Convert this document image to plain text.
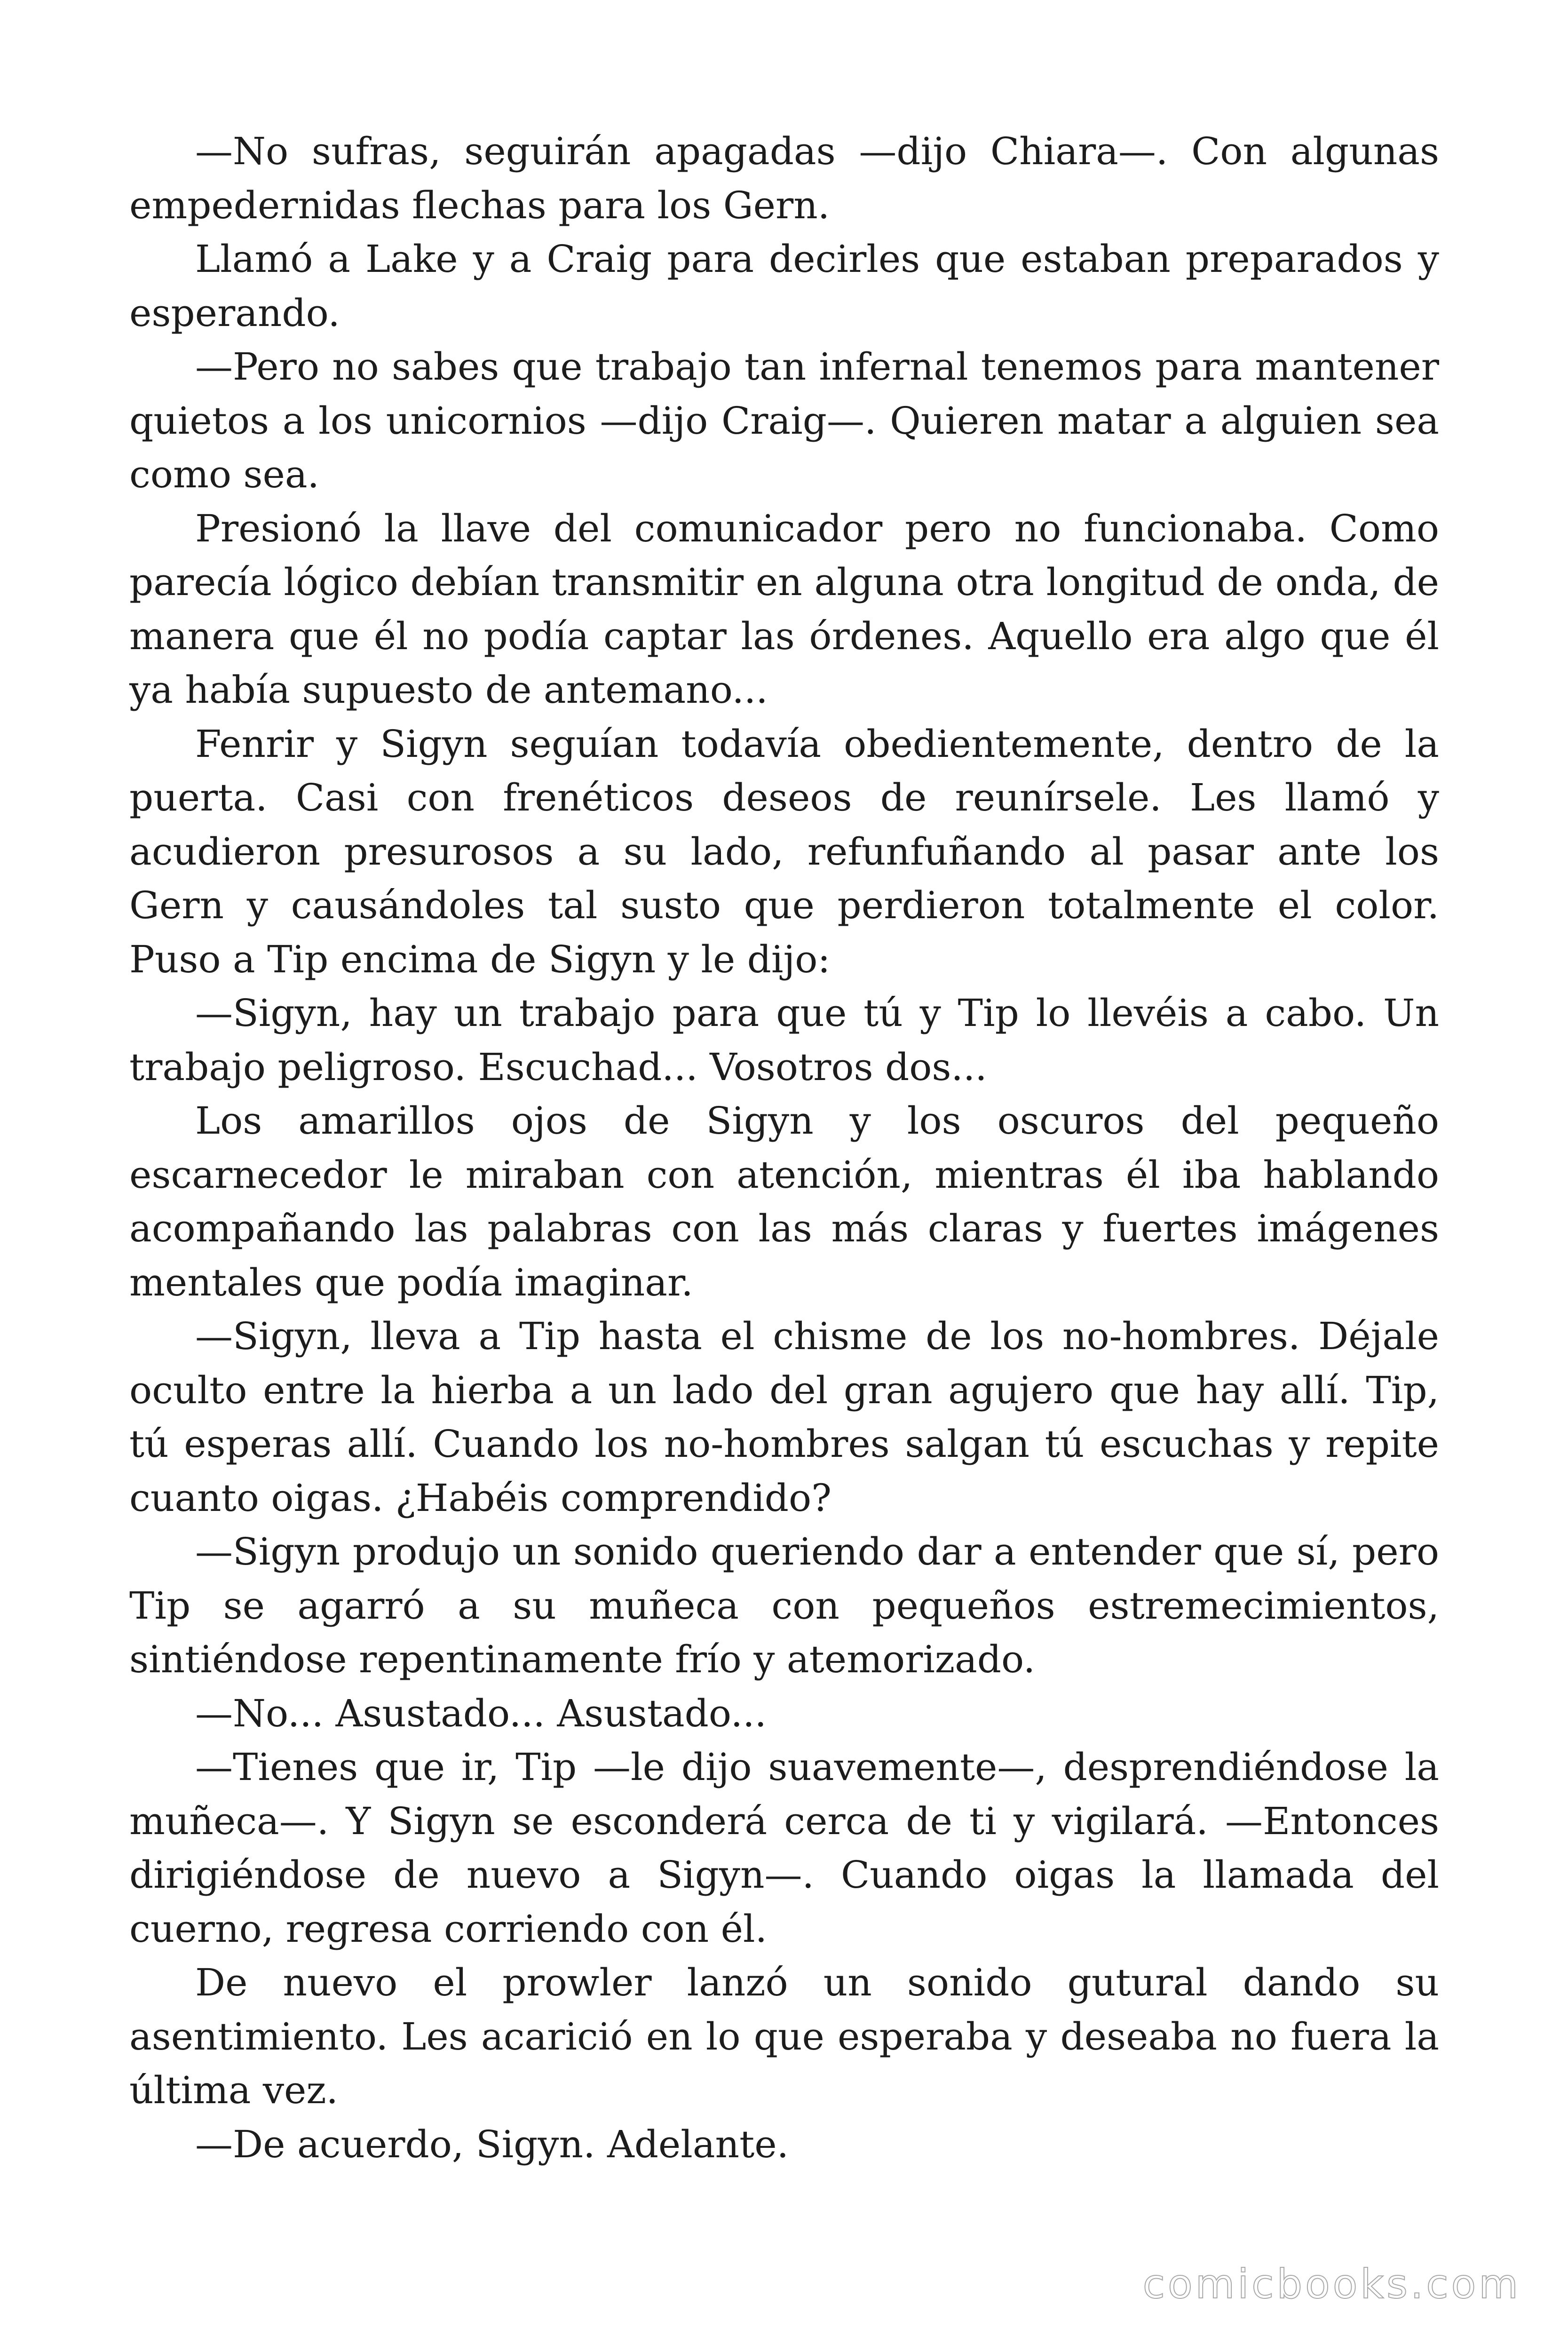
—No sufras, seguirán apagadas —dijo Chiara—. Con algunas empedernidas flechas para los Gern.

Llamó a Lake y a Craig para decirles que estaban preparados y esperando.

—Pero no sabes que trabajo tan infernal tenemos para mantener quietos a los unicornios —dijo Craig—. Quieren matar a alguien sea como sea.

Presionó la llave del comunicador pero no funcionaba. Como parecía lógico debían transmitir en alguna otra longitud de onda, de manera que él no podía captar las órdenes. Aquello era algo que él ya había supuesto de antemano...

Fenrir y Sigyn seguían todavía obedientemente, dentro de la puerta. Casi con frenéticos deseos de reunírsele. Les llamó y acudieron presurosos a su lado, refunfuñando al pasar ante los Gern y causándoles tal susto que perdieron totalmente el color. Puso a Tip encima de Sigyn y le dijo:

—Sigyn, hay un trabajo para que tú y Tip lo llevéis a cabo. Un trabajo peligroso. Escuchad... Vosotros dos...

Los amarillos ojos de Sigyn y los oscuros del pequeño escarnecedor le miraban con atención, mientras él iba hablando acompañando las palabras con las más claras y fuertes imágenes mentales que podía imaginar.

—Sigyn, lleva a Tip hasta el chisme de los no-hombres. Déjale oculto entre la hierba a un lado del gran agujero que hay allí. Tip, tú esperas allí. Cuando los no-hombres salgan tú escuchas y repite cuanto oigas. ¿Habéis comprendido?

—Sigyn produjo un sonido queriendo dar a entender que sí, pero Tip se agarró a su muñeca con pequeños estremecimientos, sintiéndose repentinamente frío y atemorizado.

—No... Asustado... Asustado...

—Tienes que ir, Tip —le dijo suavemente—, desprendiéndose la muñeca—. Y Sigyn se esconderá cerca de ti y vigilará. —Entonces dirigiéndose de nuevo a Sigyn—. Cuando oigas la llamada del cuerno, regresa corriendo con él.

De nuevo el prowler lanzó un sonido gutural dando su asentimiento. Les acarició en lo que esperaba y deseaba no fuera la última vez.

—De acuerdo, Sigyn. Adelante.

comicbooks.com
